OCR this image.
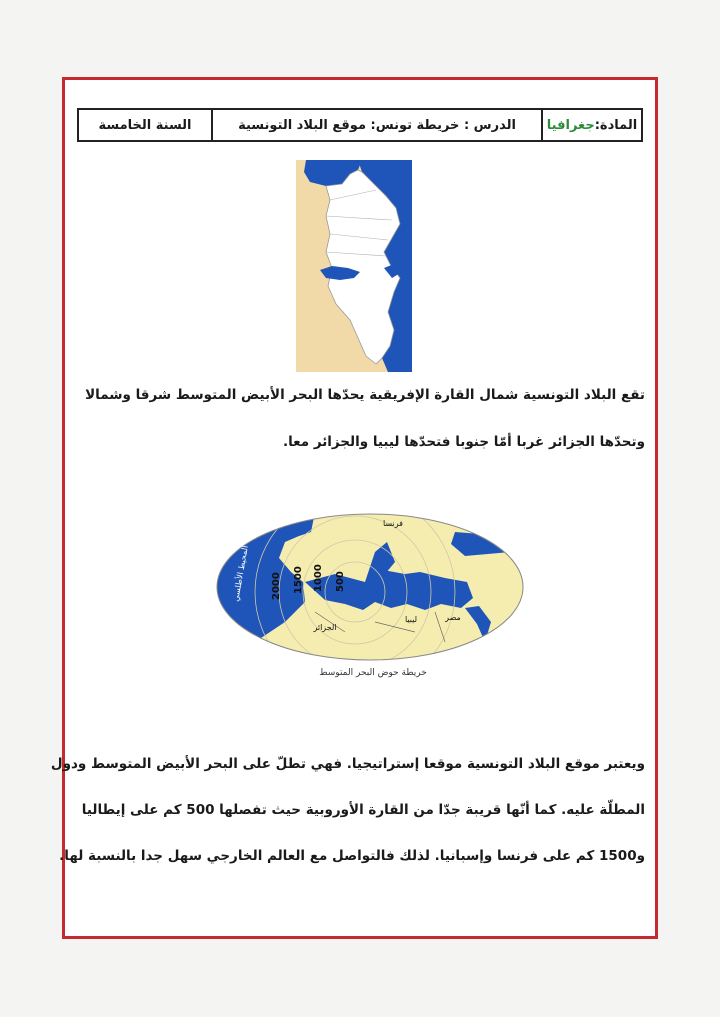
المادة:
جغرافيا
الدرس : خريطة تونس: موقع البلاد التونسية
السنة الخامسة
تقع البلاد التونسية شمال القارة الإفريقية يحدّها البحر الأبيض المتوسط شرقا وشمالا
وتحدّها الجزائر غربا أمّا جنوبا فتحدّها ليبيا والجزائر معا.
2000 1500 1000 500
فرنسا
الجزائر
ليبيا	مصر
المحيط الأطلسي
خريطة حوض البحر المتوسط
ويعتبر موقع البلاد التونسية موقعا إستراتيجيا. فهي تطلّ على البحر الأبيض المتوسط ودول
المطلّة عليه. كما أنّها قريبة جدّا من القارة الأوروبية حيث تفصلها 500 كم على إيطاليا
و1500 كم على فرنسا وإسبانيا. لذلك فالتواصل مع العالم الخارجي سهل جدا بالنسبة لها.
